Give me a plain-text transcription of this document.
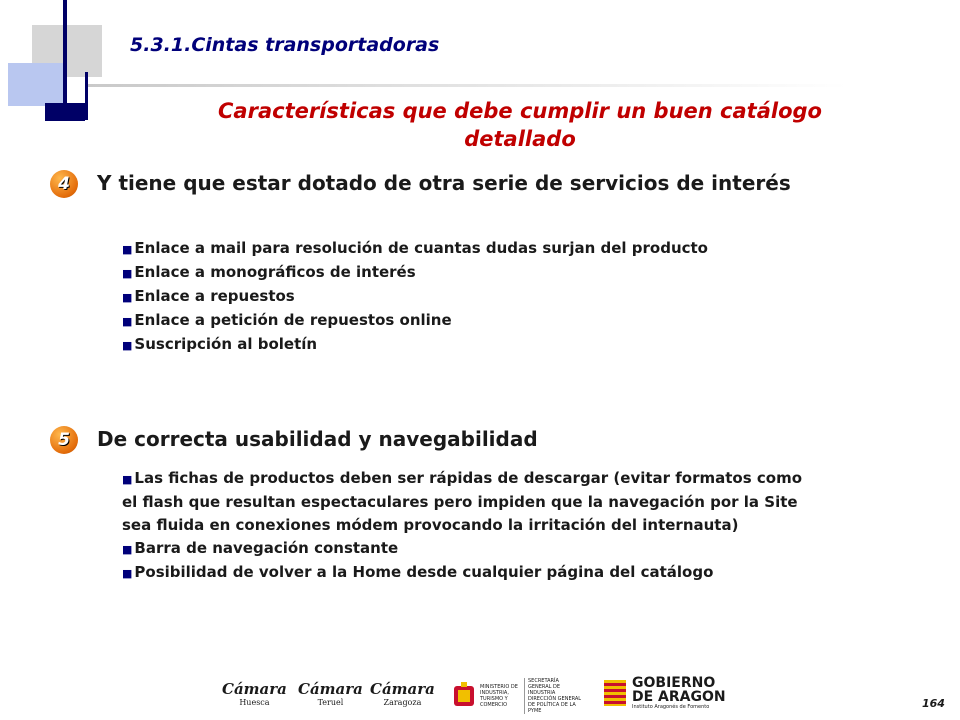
5.3.1.Cintas transportadoras
Características que debe cumplir un buen catálogo detallado
4	Y tiene que estar dotado de otra serie de servicios de interés
■ Enlace a mail para resolución de cuantas dudas surjan del producto
■ Enlace a monográficos de interés
■ Enlace a repuestos
■ Enlace a petición de repuestos online
■ Suscripción al boletín
5	De correcta usabilidad y navegabilidad
■ Las fichas de productos deben ser rápidas de descargar (evitar formatos como el flash que resultan espectaculares pero impiden que la navegación por la Site sea fluida en conexiones módem provocando la irritación del internauta)
■ Barra de navegación constante
■ Posibilidad de volver a la Home desde cualquier página del catálogo
Cámara
Huesca
Cámara
Teruel
Cámara
Zaragoza
MINISTERIO DE INDUSTRIA, TURISMO Y COMERCIO
SECRETARÍA GENERAL DE INDUSTRIA
DIRECCIÓN GENERAL DE POLÍTICA DE LA PYME
GOBIERNO
DE ARAGON
Instituto Aragonés de Fomento	164
